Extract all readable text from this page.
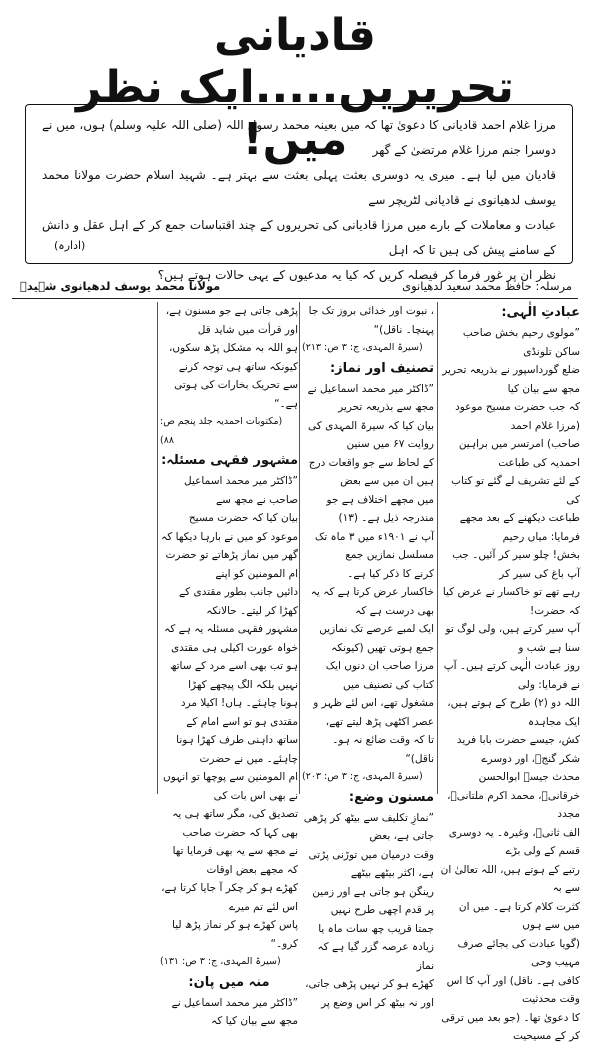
قادیانی تحریریں.....ایک نظر میں!
مرزا غلام احمد قادیانی کا دعویٰ تھا کہ میں بعینہ محمد رسول اللہ (صلی اللہ علیہ وسلم) ہوں، میں نے دوسرا جنم مرزا غلام مرتضیٰ کے گھر
قادیان میں لیا ہے۔ میری یہ دوسری بعثت پہلی بعثت سے بہتر ہے۔ شہید اسلام حضرت مولانا محمد یوسف لدھیانوی نے قادیانی لٹریچر سے
عبادت و معاملات کے بارے میں مرزا قادیانی کی تحریروں کے چند اقتباسات جمع کر کے اہل عقل و دانش کے سامنے پیش کی ہیں تا کہ اہل
نظر ان پر غور فرما کر فیصلہ کریں کہ کیا یہ مدعیوں کے یہی حالات ہوتے ہیں؟
(ادارہ)
مرسلہ: حافظ محمد سعید لدھیانوی
مولانا محمد یوسف لدھیانوی شہیدؒ
عبادتِ الٰہی:
”مولوی رحیم بخش صاحب ساکن تلونڈی
ضلع گورداسپور نے بذریعہ تحریر مجھ سے بیان کیا
کہ جب حضرت مسیح موعود (مرزا غلام احمد
صاحب) امرتسر میں براہین احمدیہ کی طباعت
کے لئے تشریف لے گئے تو کتاب کی
طباعت دیکھنے کے بعد مجھے فرمایا: میاں رحیم
بخش! چلو سیر کر آئیں۔ جب آپ باغ کی سیر کر
رہے تھے تو خاکسار نے عرض کیا کہ حضرت!
آپ سیر کرتے ہیں، ولی لوگ تو سنا ہے شب و
روز عبادت الٰہی کرتے ہیں۔ آپ نے فرمایا: ولی
اللہ دو (۲) طرح کے ہوتے ہیں، ایک مجاہدہ
کش، جیسے حضرت بابا فرید شکر گنجؒ، اور دوسرے
محدث جیسے ابوالحسن خرقانیؒ، محمد اکرم ملتانیؒ، مجدد
الف ثانیؒ، وغیرہ۔ یہ دوسری قسم کے ولی بڑے
رتبے کے ہوتے ہیں، اللہ تعالیٰ ان سے بہ
کثرت کلام کرتا ہے۔ میں ان میں سے ہوں
(گویا عبادت کی بجائے صرف مہیب وحی
کافی ہے۔ ناقل) اور آپ کا اس وقت محدثیت
کا دعویٰ تھا۔ (جو بعد میں ترقی کر کے مسیحیت
، نبوت اور خدائی بروز تک جا پہنچا۔ ناقل)“
(سیرۃ المہدی، ج: ۳ ص: ۲۱۳)
تصنیف اور نماز:
”ڈاکٹر میر محمد اسماعیل نے مجھ سے بذریعہ تحریر
بیان کیا کہ سیرۃ المہدی کی روایت ۶۷ میں سنین
کے لحاظ سے جو واقعات درج ہیں ان میں سے بعض
میں مجھے اختلاف ہے جو مندرجہ ذیل ہے۔ (۱۳)
آپ نے ۱۹۰۱ء میں ۳ ماہ تک مسلسل نمازیں جمع
کرنے کا ذکر کیا ہے۔
خاکسار عرض کرتا ہے کہ یہ بھی درست ہے کہ
ایک لمبے عرصے تک نمازیں جمع ہوتی تھیں (کیونکہ
مرزا صاحب ان دنوں ایک کتاب کی تصنیف میں
مشغول تھے، اس لئے ظہر و عصر اکٹھی پڑھ لیتے تھے،
تا کہ وقت ضائع نہ ہو۔ ناقل)“
(سیرۃ المہدی، ج: ۳ ص: ۲۰۳)
مسنون وضع:
”نمازِ تکلیف سے بیٹھ کر پڑھی جاتی ہے، بعض
وقت درمیان میں توڑنی پڑتی ہے، اکثر بیٹھے بیٹھے
رینگن ہو جاتی ہے اور زمین پر قدم اچھی طرح نہیں
جمتا قریب چھ سات ماہ یا زیادہ عرصہ گزر گیا ہے کہ نماز
کھڑے ہو کر نہیں پڑھی جاتی، اور نہ بیٹھ کر اس وضع پر
پڑھی جاتی ہے جو مسنون ہے، اور قرأت میں شاید قل
ہو اللہ بہ مشکل پڑھ سکوں، کیونکہ ساتھ ہی توجہ کرنے
سے تحریک بخارات کی ہوتی ہے۔“
(مکتوبات احمدیہ جلد پنجم ص: ۸۸)
مشہور فقہی مسئلہ:
”ڈاکٹر میر محمد اسماعیل صاحب نے مجھ سے
بیان کیا کہ حضرت مسیح موعود کو میں نے بارہا دیکھا کہ
گھر میں نماز پڑھاتے تو حضرت ام المومنین کو اپنے
دائیں جانب بطور مقتدی کے کھڑا کر لیتے۔ حالانکہ
مشہور فقہی مسئلہ یہ ہے کہ خواہ عورت اکیلی ہی مقتدی
ہو تب بھی اسے مرد کے ساتھ نہیں بلکہ الگ پیچھے کھڑا
ہونا چاہئے۔ ہاں! اکیلا مرد مقتدی ہو تو اسے امام کے
ساتھ داہنی طرف کھڑا ہونا چاہئے۔ میں نے حضرت
ام المومنین سے پوچھا تو انہوں نے بھی اس بات کی
تصدیق کی، مگر ساتھ ہی یہ بھی کہا کہ حضرت صاحب
نے مجھ سے یہ بھی فرمایا تھا کہ مجھے بعض اوقات
کھڑے ہو کر چکر آ جایا کرتا ہے، اس لئے تم میرے
پاس کھڑے ہو کر نماز پڑھ لیا کرو۔“
(سیرۃ المہدی، ج: ۳ ص: ۱۳۱)
منہ میں پان:
”ڈاکٹر میر محمد اسماعیل نے مجھ سے بیان کیا کہ
